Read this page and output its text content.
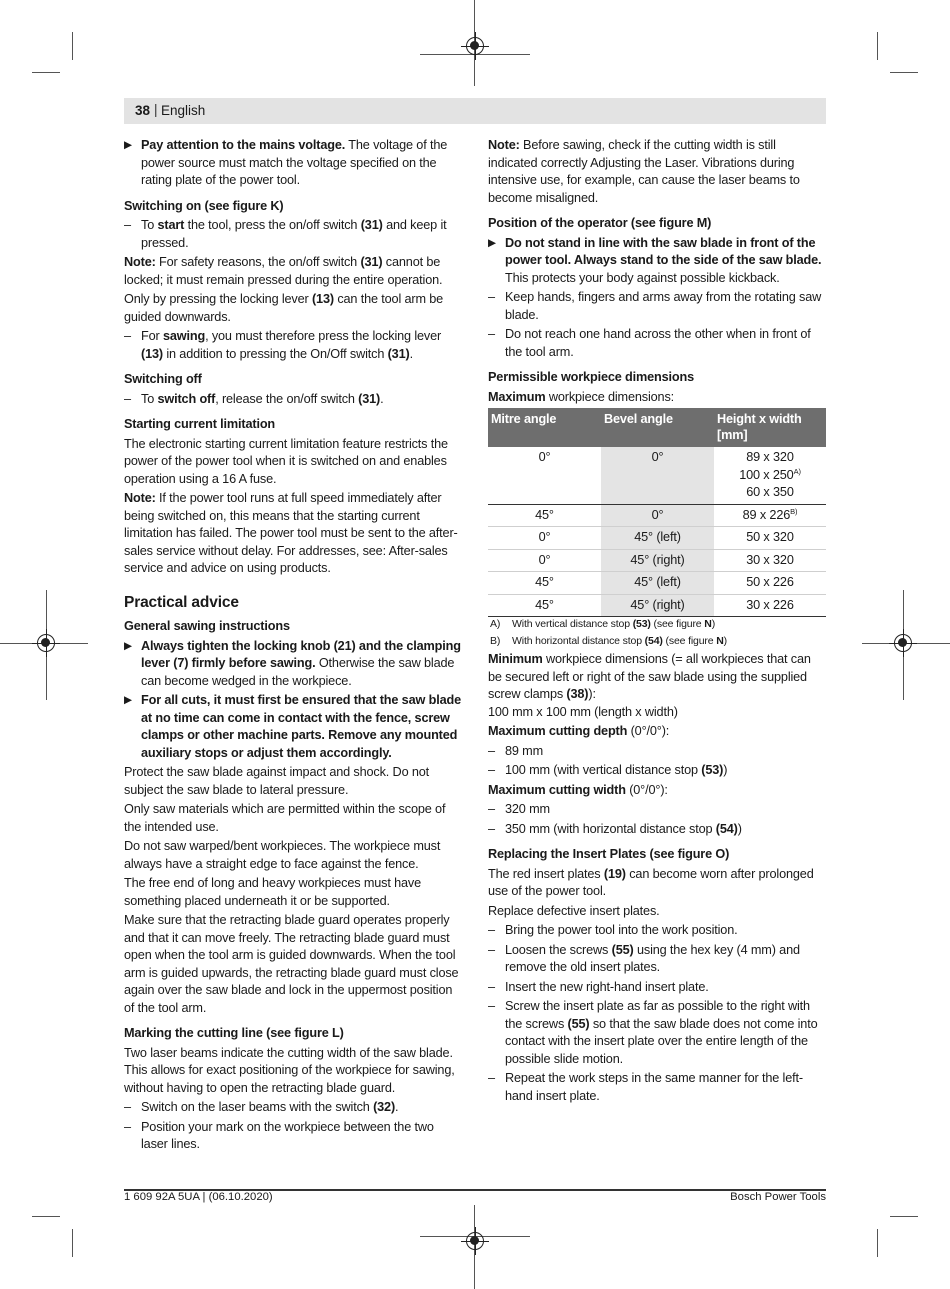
38 | English
▶ Pay attention to the mains voltage. The voltage of the power source must match the voltage specified on the rating plate of the power tool.

Switching on (see figure K)

– To start the tool, press the on/off switch (31) and keep it pressed.

Note: For safety reasons, the on/off switch (31) cannot be locked; it must remain pressed during the entire operation.

Only by pressing the locking lever (13) can the tool arm be guided downwards.

– For sawing, you must therefore press the locking lever (13) in addition to pressing the On/Off switch (31).

Switching off

– To switch off, release the on/off switch (31).

Starting current limitation

The electronic starting current limitation feature restricts the power of the power tool when it is switched on and enables operation using a 16 A fuse.

Note: If the power tool runs at full speed immediately after being switched on, this means that the starting current limitation has failed. The power tool must be sent to the after-sales service without delay. For addresses, see: After-sales service and advice on using products.

Practical advice

General sawing instructions

▶ Always tighten the locking knob (21) and the clamping lever (7) firmly before sawing. Otherwise the saw blade can become wedged in the workpiece.
▶ For all cuts, it must first be ensured that the saw blade at no time can come in contact with the fence, screw clamps or other machine parts. Remove any mounted auxiliary stops or adjust them accordingly.

Protect the saw blade against impact and shock. Do not subject the saw blade to lateral pressure.

Only saw materials which are permitted within the scope of the intended use.

Do not saw warped/bent workpieces. The workpiece must always have a straight edge to face against the fence.

The free end of long and heavy workpieces must have something placed underneath it or be supported.

Make sure that the retracting blade guard operates properly and that it can move freely. The retracting blade guard must open when the tool arm is guided downwards. When the tool arm is guided upwards, the retracting blade guard must close again over the saw blade and lock in the uppermost position of the tool arm.

Marking the cutting line (see figure L)

Two laser beams indicate the cutting width of the saw blade. This allows for exact positioning of the workpiece for sawing, without having to open the retracting blade guard.

– Switch on the laser beams with the switch (32).
– Position your mark on the workpiece between the two laser lines.

Note: Before sawing, check if the cutting width is still indicated correctly Adjusting the Laser. Vibrations during intensive use, for example, can cause the laser beams to become misaligned.

Position of the operator (see figure M)

▶ Do not stand in line with the saw blade in front of the power tool. Always stand to the side of the saw blade. This protects your body against possible kickback.
– Keep hands, fingers and arms away from the rotating saw blade.
– Do not reach one hand across the other when in front of the tool arm.

Permissible workpiece dimensions

Maximum workpiece dimensions:

Mitre angle	Bevel angle	Height x width [mm]
0°	0°	89 x 320
100 x $250^{A)}$
60 x 350

45°	0°	89 x $226^{B)}$
0°	45° (left)	50 x 320
0°	45° (right)	30 x 320
45°	45° (left)	50 x 226
45°	45° (right)	30 x 226

A) With vertical distance stop (53) (see figure N)

B) With horizontal distance stop (54) (see figure N)

Minimum workpiece dimensions (= all workpieces that can be secured left or right of the saw blade using the supplied screw clamps (38)):
100 mm x 100 mm (length x width)

Maximum cutting depth (0°/0°):

– 89 mm
– 100 mm (with vertical distance stop (53))

Maximum cutting width (0°/0°):

– 320 mm
– 350 mm (with horizontal distance stop (54))

Replacing the Insert Plates (see figure O)

The red insert plates (19) can become worn after prolonged use of the power tool.

Replace defective insert plates.

– Bring the power tool into the work position.
– Loosen the screws (55) using the hex key (4 mm) and remove the old insert plates.
– Insert the new right-hand insert plate.
– Screw the insert plate as far as possible to the right with the screws (55) so that the saw blade does not come into contact with the insert plate over the entire length of the possible slide motion.
– Repeat the work steps in the same manner for the left-hand insert plate.
1 609 92A 5UA | (06.10.2020)	Bosch Power Tools
